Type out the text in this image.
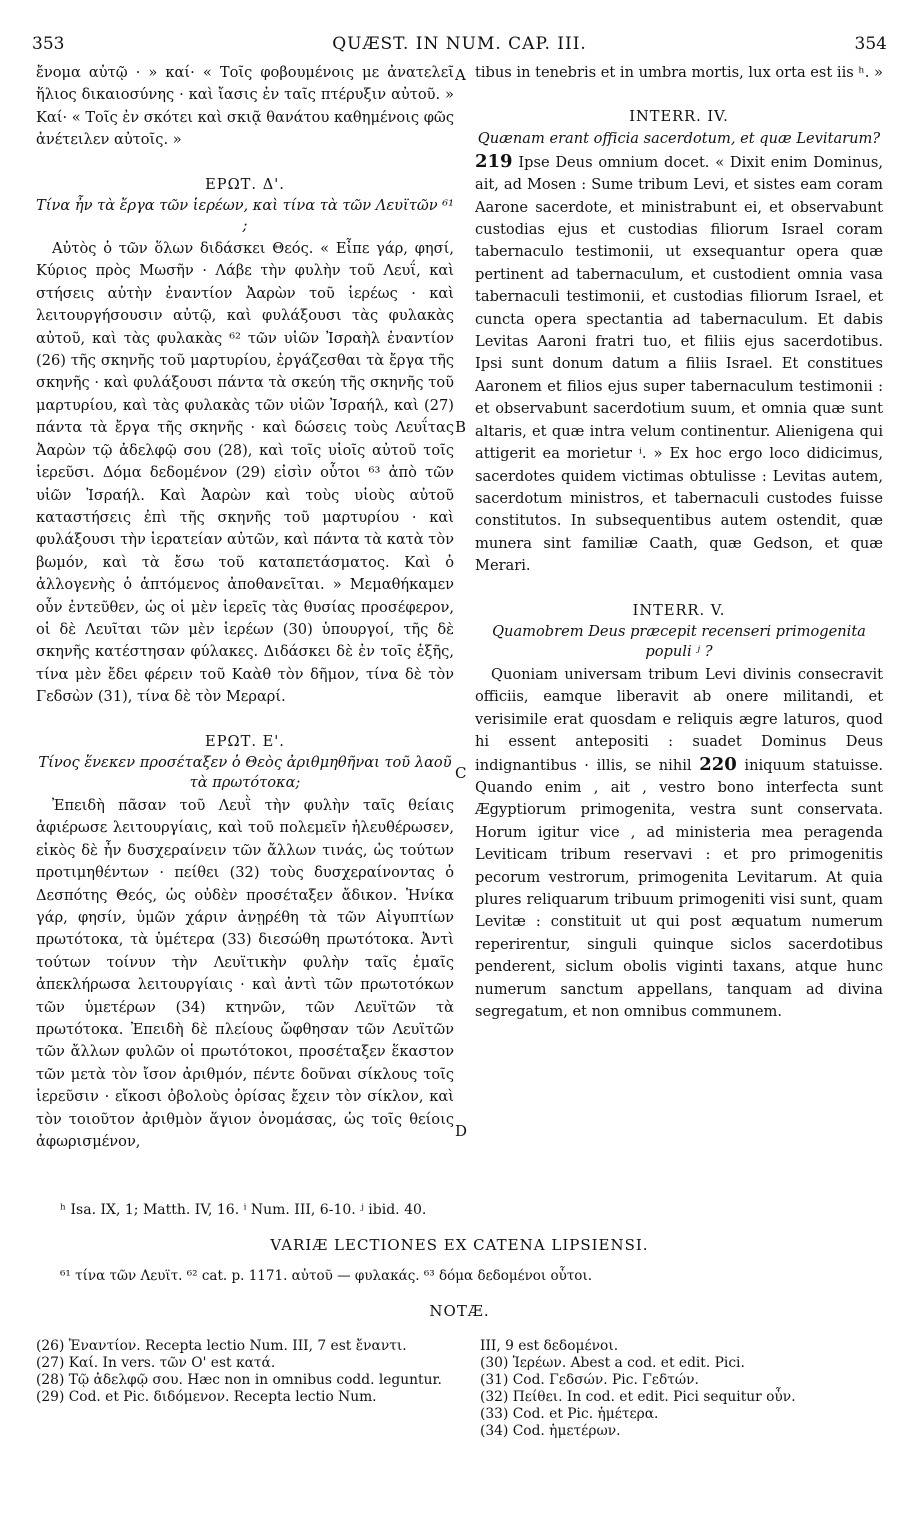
353	QUÆST. IN NUM. CAP. III.	354

ἔνομα αὐτῷ · » καί· « Τοῖς φοβουμένοις με ἀνατελεῖ ἥλιος δικαιοσύνης · καὶ ἴασις ἐν ταῖς πτέρυξιν αὐτοῦ. » Καί· « Τοῖς ἐν σκότει καὶ σκιᾷ θανάτου καθημένοις φῶς ἀνέτειλεν αὐτοῖς. »

ΕΡΩΤ. Δ'.
Τίνα ἦν τὰ ἔργα τῶν ἱερέων, καὶ τίνα τὰ τῶν Λευϊτῶν ⁶¹ ;

Αὐτὸς ὁ τῶν ὅλων διδάσκει Θεός. « Εἶπε γάρ, φησί, Κύριος πρὸς Μωσῆν · Λάβε τὴν φυλὴν τοῦ Λευΐ, καὶ στήσεις αὐτὴν ἐναντίον Ἀαρὼν τοῦ ἱερέως · καὶ λειτουργήσουσιν αὐτῷ, καὶ φυλάξουσι τὰς φυλακὰς αὐτοῦ, καὶ τὰς φυλακὰς ⁶² τῶν υἱῶν Ἰσραὴλ ἐναντίον (26) τῆς σκηνῆς τοῦ μαρτυρίου, ἐργάζεσθαι τὰ ἔργα τῆς σκηνῆς · καὶ φυλάξουσι πάντα τὰ σκεύη τῆς σκηνῆς τοῦ μαρτυρίου, καὶ τὰς φυλακὰς τῶν υἱῶν Ἰσραήλ, καὶ (27) πάντα τὰ ἔργα τῆς σκηνῆς · καὶ δώσεις τοὺς Λευΐτας Ἀαρὼν τῷ ἀδελφῷ σου (28), καὶ τοῖς υἱοῖς αὐτοῦ τοῖς ἱερεῦσι. Δόμα δεδομένον (29) εἰσὶν οὗτοι ⁶³ ἀπὸ τῶν υἱῶν Ἰσραήλ. Καὶ Ἀαρὼν καὶ τοὺς υἱοὺς αὐτοῦ καταστήσεις ἐπὶ τῆς σκηνῆς τοῦ μαρτυρίου · καὶ φυλάξουσι τὴν ἱερατείαν αὐτῶν, καὶ πάντα τὰ κατὰ τὸν βωμόν, καὶ τὰ ἔσω τοῦ καταπετάσματος. Καὶ ὁ ἀλλογενὴς ὁ ἁπτόμενος ἀποθανεῖται. » Μεμαθήκαμεν οὖν ἐντεῦθεν, ὡς οἱ μὲν ἱερεῖς τὰς θυσίας προσέφερον, οἱ δὲ Λευῖται τῶν μὲν ἱερέων (30) ὑπουργοί, τῆς δὲ σκηνῆς κατέστησαν φύλακες. Διδάσκει δὲ ἐν τοῖς ἑξῆς, τίνα μὲν ἔδει φέρειν τοῦ Καὰθ τὸν δῆμον, τίνα δὲ τὸν Γεδσὼν (31), τίνα δὲ τὸν Μεραρί.

ΕΡΩΤ. Ε'.
Τίνος ἕνεκεν προσέταξεν ὁ Θεὸς ἀριθμηθῆναι τοῦ λαοῦ τὰ πρωτότοκα;

Ἐπειδὴ πᾶσαν τοῦ Λευῒ τὴν φυλὴν ταῖς θείαις ἀφιέρωσε λειτουργίαις, καὶ τοῦ πολεμεῖν ἠλευθέρωσεν, εἰκὸς δὲ ἦν δυσχεραίνειν τῶν ἄλλων τινάς, ὡς τούτων προτιμηθέντων · πείθει (32) τοὺς δυσχεραίνοντας ὁ Δεσπότης Θεός, ὡς οὐδὲν προσέταξεν ἄδικον. Ἡνίκα γάρ, φησίν, ὑμῶν χάριν ἀνῃρέθη τὰ τῶν Αἰγυπτίων πρωτότοκα, τὰ ὑμέτερα (33) διεσώθη πρωτότοκα. Ἀντὶ τούτων τοίνυν τὴν Λευϊτικὴν φυλὴν ταῖς ἐμαῖς ἀπεκλήρωσα λειτουργίαις · καὶ ἀντὶ τῶν πρωτοτόκων τῶν ὑμετέρων (34) κτηνῶν, τῶν Λευϊτῶν τὰ πρωτότοκα. Ἐπειδὴ δὲ πλείους ὤφθησαν τῶν Λευϊτῶν τῶν ἄλλων φυλῶν οἱ πρωτότοκοι, προσέταξεν ἕκαστον τῶν μετὰ τὸν ἴσον ἀριθμόν, πέντε δοῦναι σίκλους τοῖς ἱερεῦσιν · εἴκοσι ὀβολοὺς ὁρίσας ἔχειν τὸν σίκλον, καὶ τὸν τοιοῦτον ἀριθμὸν ἅγιον ὀνομάσας, ὡς τοῖς θείοις ἀφωρισμένον,

A
B
C
D

tibus in tenebris et in umbra mortis, lux orta est iis ʰ. »

INTERR. IV.
Quænam erant officia sacerdotum, et quæ Levitarum?

219 Ipse Deus omnium docet. « Dixit enim Dominus, ait, ad Mosen : Sume tribum Levi, et sistes eam coram Aarone sacerdote, et ministrabunt ei, et observabunt custodias ejus et custodias filiorum Israel coram tabernaculo testimonii, ut exsequantur opera quæ pertinent ad tabernaculum, et custodient omnia vasa tabernaculi testimonii, et custodias filiorum Israel, et cuncta opera spectantia ad tabernaculum. Et dabis Levitas Aaroni fratri tuo, et filiis ejus sacerdotibus. Ipsi sunt donum datum a filiis Israel. Et constitues Aaronem et filios ejus super tabernaculum testimonii : et observabunt sacerdotium suum, et omnia quæ sunt altaris, et quæ intra velum continentur. Alienigena qui attigerit ea morietur ⁱ. » Ex hoc ergo loco didicimus, sacerdotes quidem victimas obtulisse : Levitas autem, sacerdotum ministros, et tabernaculi custodes fuisse constitutos. In subsequentibus autem ostendit, quæ munera sint familiæ Caath, quæ Gedson, et quæ Merari.

INTERR. V.
Quamobrem Deus præcepit recenseri primogenita populi ʲ ?

Quoniam universam tribum Levi divinis consecravit officiis, eamque liberavit ab onere militandi, et verisimile erat quosdam e reliquis ægre laturos, quod hi essent antepositi : suadet Dominus Deus indignantibus · illis, se nihil 220 iniquum statuisse. Quando enim , ait , vestro bono interfecta sunt Ægyptiorum primogenita, vestra sunt conservata. Horum igitur vice , ad ministeria mea peragenda Leviticam tribum reservavi : et pro primogenitis pecorum vestrorum, primogenita Levitarum. At quia plures reliquarum tribuum primogeniti visi sunt, quam Levitæ : constituit ut qui post æquatum numerum reperirentur, singuli quinque siclos sacerdotibus penderent, siclum obolis viginti taxans, atque hunc numerum sanctum appellans, tanquam ad divina segregatum, et non omnibus communem.

ʰ Isa. IX, 1; Matth. IV, 16. ⁱ Num. III, 6-10. ʲ ibid. 40.
VARIÆ LECTIONES EX CATENA LIPSIENSI.
⁶¹ τίνα τῶν Λευϊτ. ⁶² cat. p. 1171. αὐτοῦ — φυλακάς. ⁶³ δόμα δεδομένοι οὗτοι.
NOTÆ.
(26) Ἐναντίον. Recepta lectio Num. III, 7 est ἔναντι.
(27) Καί. In vers. τῶν O' est κατά.
(28) Τῷ ἀδελφῷ σου. Hæc non in omnibus codd. leguntur.
(29) Cod. et Pic. διδόμενον. Recepta lectio Num.
III, 9 est δεδομένοι.
(30) Ἱερέων. Abest a cod. et edit. Pici.
(31) Cod. Γεδσών. Pic. Γεδτών.
(32) Πείθει. In cod. et edit. Pici sequitur οὖν.
(33) Cod. et Pic. ἡμέτερα.
(34) Cod. ἡμετέρων.
